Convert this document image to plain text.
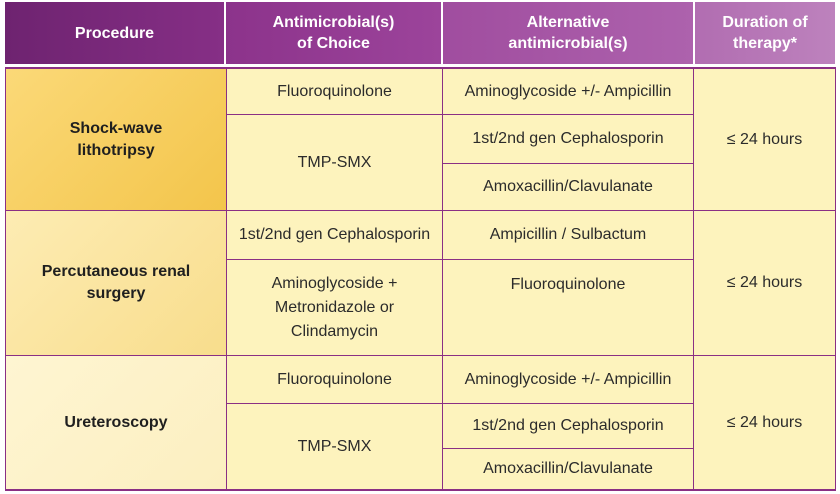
Procedure
Antimicrobial(s)
of Choice
Alternative
antimicrobial(s)
Duration of
therapy*
Shock-wave
lithotripsy
Fluoroquinolone
TMP-SMX
Aminoglycoside +/- Ampicillin
1st/2nd gen Cephalosporin
Amoxacillin/Clavulanate
≤ 24 hours
Percutaneous renal
surgery
1st/2nd gen Cephalosporin
Aminoglycoside +
Metronidazole or
Clindamycin
Ampicillin / Sulbactum
Fluoroquinolone	≤ 24 hours
Ureteroscopy
Fluoroquinolone
TMP-SMX
Aminoglycoside +/- Ampicillin
1st/2nd gen Cephalosporin
Amoxacillin/Clavulanate
≤ 24 hours
